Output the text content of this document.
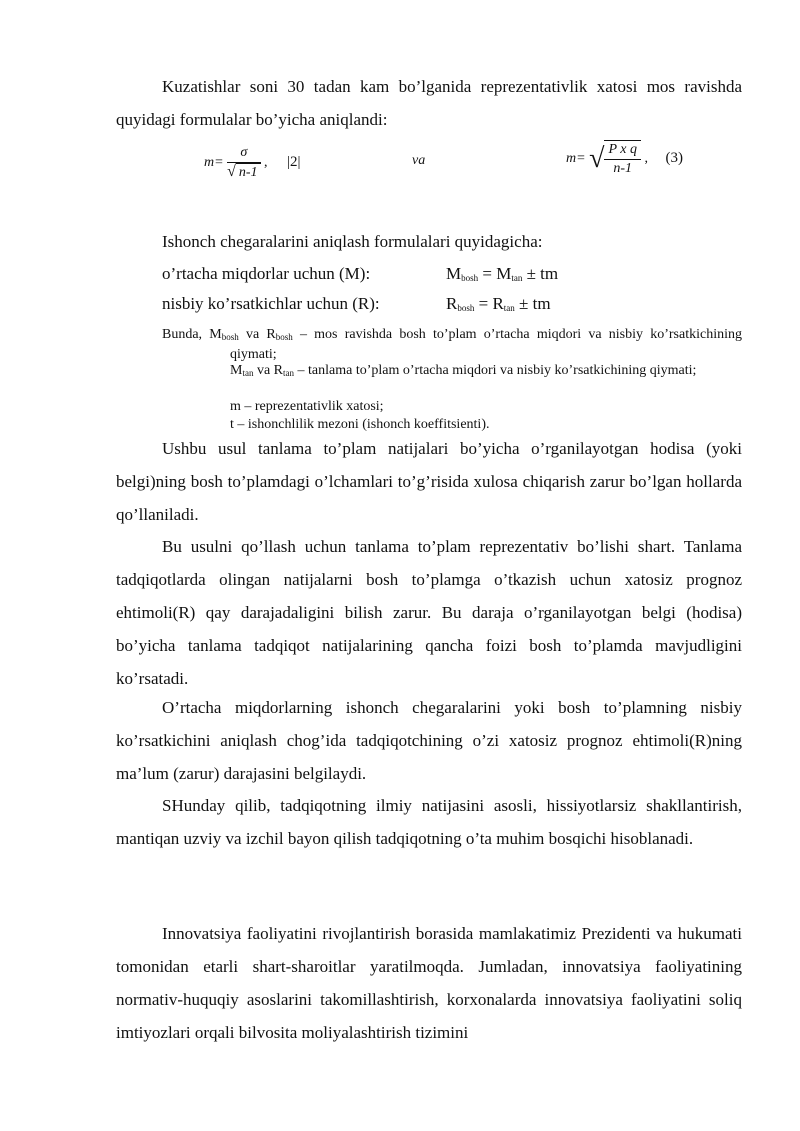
Kuzatishlar soni 30 tadan kam bo’lganida reprezentativlik xatosi mos ravishda quyidagi formulalar bo’yicha aniqlandi:
$m= \frac{\sigma}{√ n-1}$ , |2|	va	m= √ $\frac{\text{P x q}}{n-1}$ , (3)
Ishonch chegaralarini aniqlash formulalari quyidagicha:
o’rtacha miqdorlar uchun (M):	$M_{bosh} = M_{tan}$ ± tm
nisbiy ko’rsatkichlar uchun (R):	$R_{bosh} = R_{tan}$ ± tm
Bunda, $M_{bosh}$ va $R_{bosh}$ – mos ravishda bosh to’plam o’rtacha miqdori va nisbiy ko’rsatkichining qiymati;
$M_{tan}$ va $R_{tan}$ – tanlama to’plam o’rtacha miqdori va nisbiy ko’rsatkichining qiymati;
m – reprezentativlik xatosi;
t – ishonchlilik mezoni (ishonch koeffitsienti).
Ushbu usul tanlama to’plam natijalari bo’yicha o’rganilayotgan hodisa (yoki belgi)ning bosh to’plamdagi o’lchamlari to’g’risida xulosa chiqarish zarur bo’lgan hollarda qo’llaniladi.
Bu usulni qo’llash uchun tanlama to’plam reprezentativ bo’lishi shart. Tanlama tadqiqotlarda olingan natijalarni bosh to’plamga o’tkazish uchun xatosiz prognoz ehtimoli(R) qay darajadaligini bilish zarur. Bu daraja o’rganilayotgan belgi (hodisa) bo’yicha tanlama tadqiqot natijalarining qancha foizi bosh to’plamda mavjudligini ko’rsatadi.
O’rtacha miqdorlarning ishonch chegaralarini yoki bosh to’plamning nisbiy ko’rsatkichini aniqlash chog’ida tadqiqotchining o’zi xatosiz prognoz ehtimoli(R)ning ma’lum (zarur) darajasini belgilaydi.
SHunday qilib, tadqiqotning ilmiy natijasini asosli, hissiyotlarsiz shakllantirish, mantiqan uzviy va izchil bayon qilish tadqiqotning o’ta muhim bosqichi hisoblanadi.
Innovatsiya faoliyatini rivojlantirish borasida mamlakatimiz Prezidenti va hukumati tomonidan etarli shart-sharoitlar yaratilmoqda. Jumladan, innovatsiya faoliyatining normativ-huquqiy asoslarini takomillashtirish, korxonalarda innovatsiya faoliyatini soliq imtiyozlari orqali bilvosita moliyalashtirish tizimini
